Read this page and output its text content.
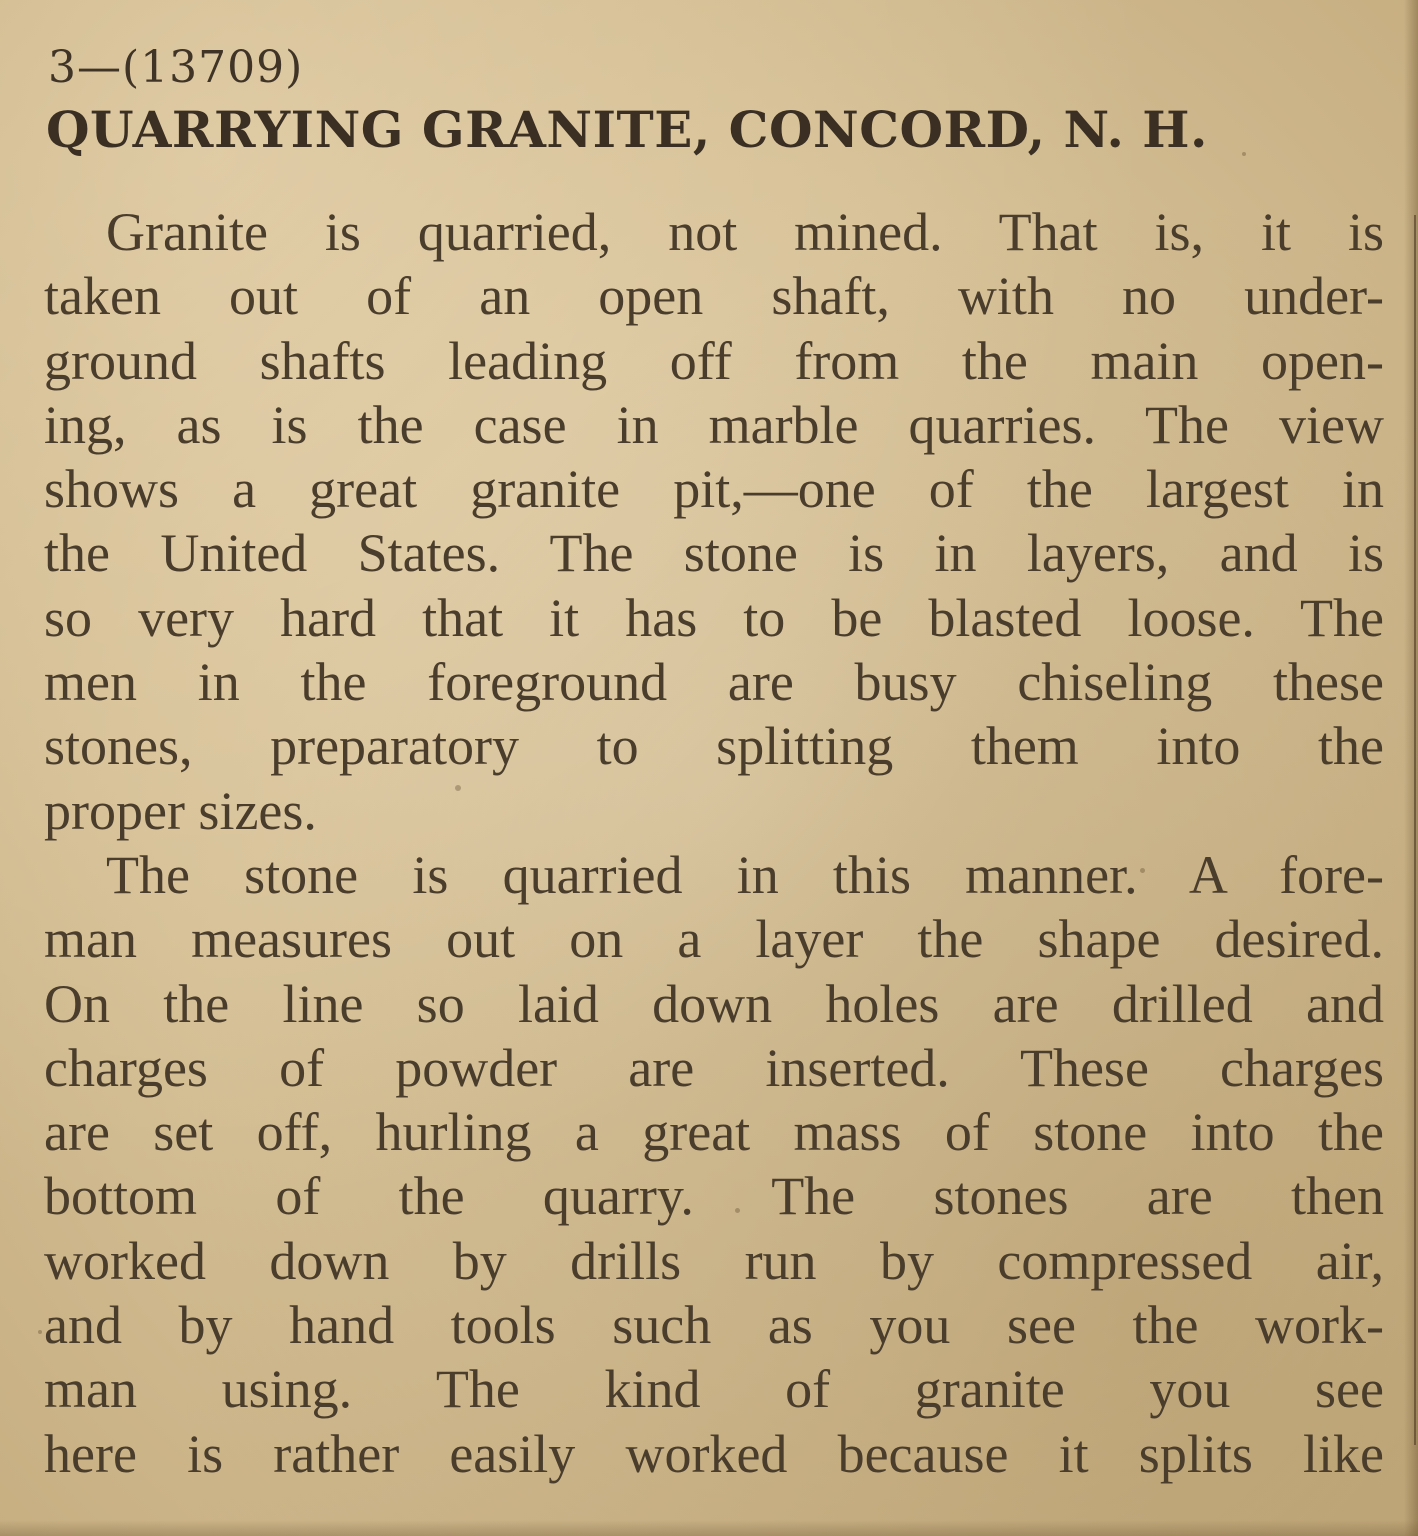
3—(13709)
QUARRYING GRANITE, CONCORD, N. H.
Granite is quarried, not mined. That is, it is
taken out of an open shaft, with no under-
ground shafts leading off from the main open-
ing, as is the case in marble quarries. The view
shows a great granite pit,—one of the largest in
the United States. The stone is in layers, and is
so very hard that it has to be blasted loose. The
men in the foreground are busy chiseling these
stones, preparatory to splitting them into the
proper sizes.
The stone is quarried in this manner. A fore-
man measures out on a layer the shape desired.
On the line so laid down holes are drilled and
charges of powder are inserted. These charges
are set off, hurling a great mass of stone into the
bottom of the quarry. The stones are then
worked down by drills run by compressed air,
and by hand tools such as you see the work-
man using. The kind of granite you see
here is rather easily worked because it splits like
